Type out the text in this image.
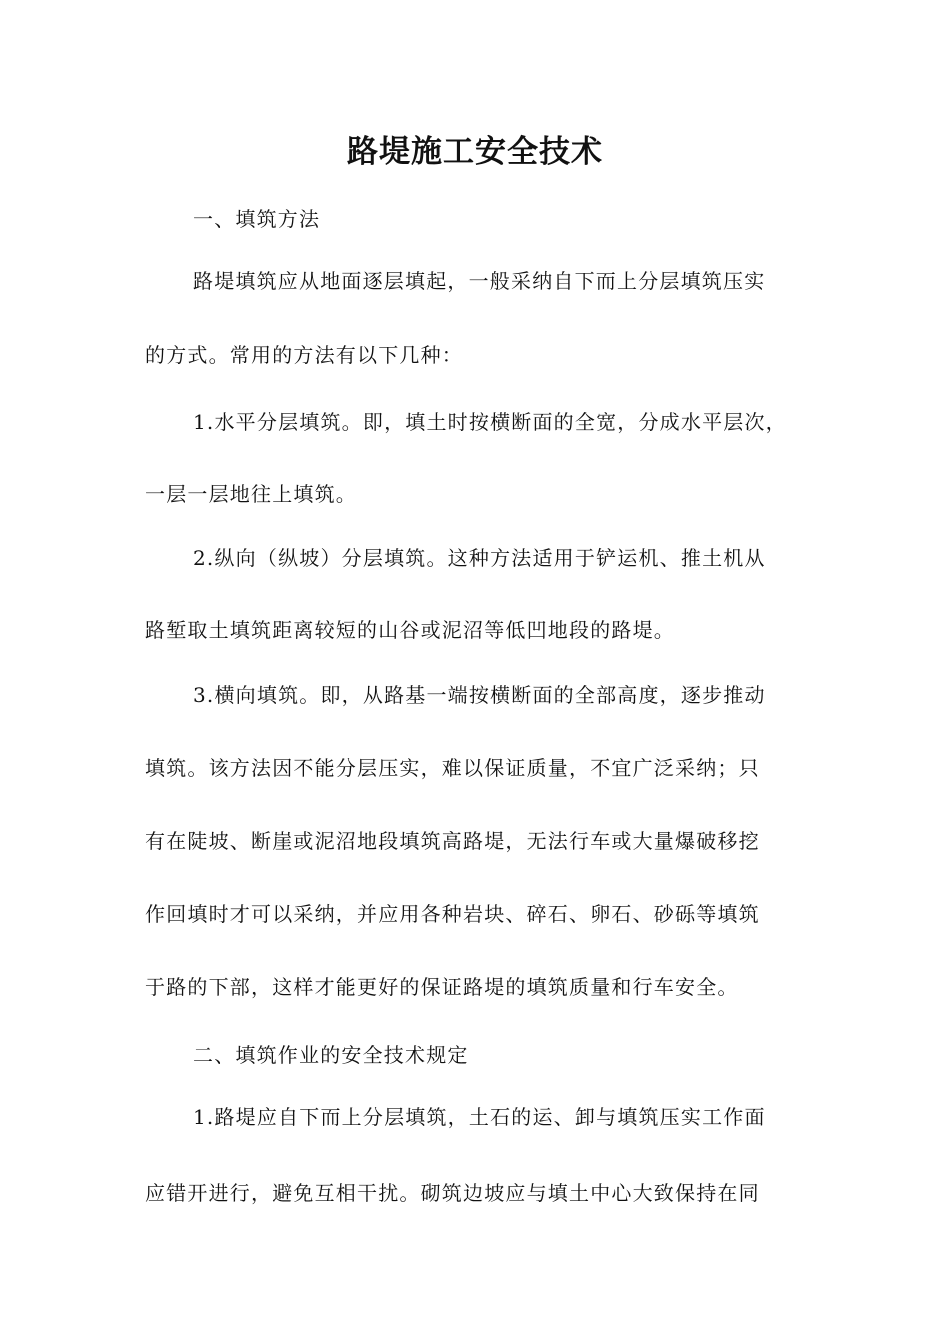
路堤施工安全技术
一、填筑方法
路堤填筑应从地面逐层填起，一般采纳自下而上分层填筑压实
的方式。常用的方法有以下几种：
1.水平分层填筑。即，填土时按横断面的全宽，分成水平层次，
一层一层地往上填筑。
2.纵向（纵坡）分层填筑。这种方法适用于铲运机、推土机从
路堑取土填筑距离较短的山谷或泥沼等低凹地段的路堤。
3.横向填筑。即，从路基一端按横断面的全部高度，逐步推动
填筑。该方法因不能分层压实，难以保证质量，不宜广泛采纳；只
有在陡坡、断崖或泥沼地段填筑高路堤，无法行车或大量爆破移挖
作回填时才可以采纳，并应用各种岩块、碎石、卵石、砂砾等填筑
于路的下部，这样才能更好的保证路堤的填筑质量和行车安全。
二、填筑作业的安全技术规定
1.路堤应自下而上分层填筑，土石的运、卸与填筑压实工作面
应错开进行，避免互相干扰。砌筑边坡应与填土中心大致保持在同
